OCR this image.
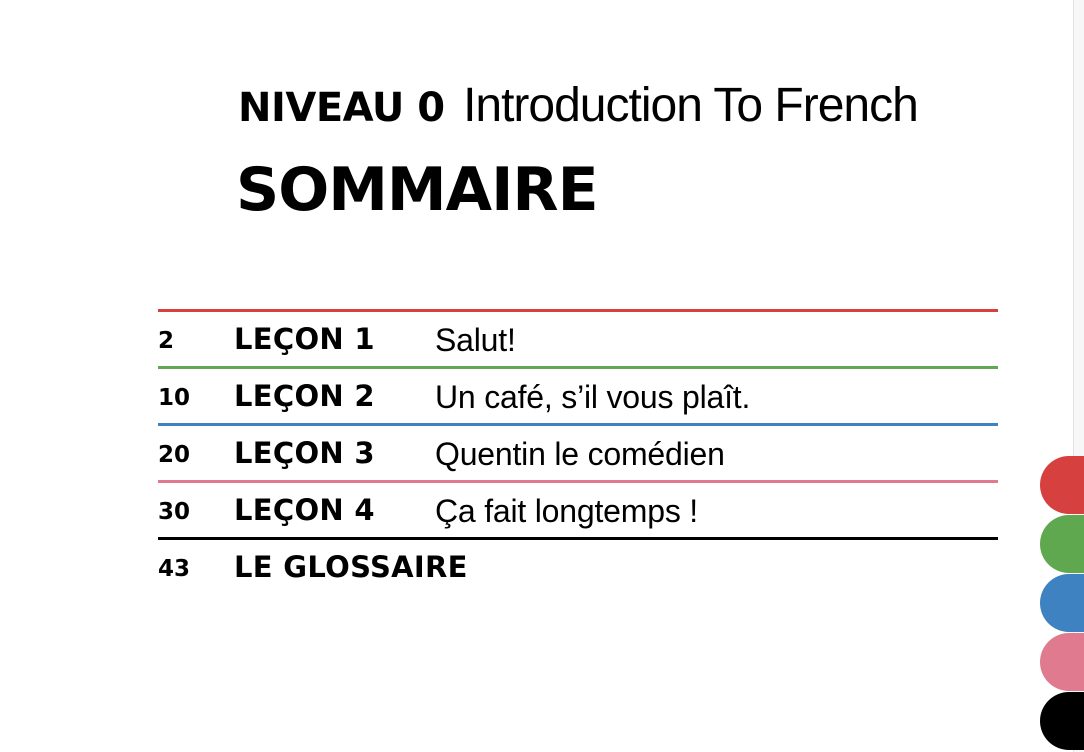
NIVEAU 0 Introduction To French
SOMMAIRE
2 LEÇON 1 Salut!
10 LEÇON 2 Un café, s’il vous plaît.
20 LEÇON 3 Quentin le comédien
30 LEÇON 4 Ça fait longtemps !
43 LE GLOSSAIRE
